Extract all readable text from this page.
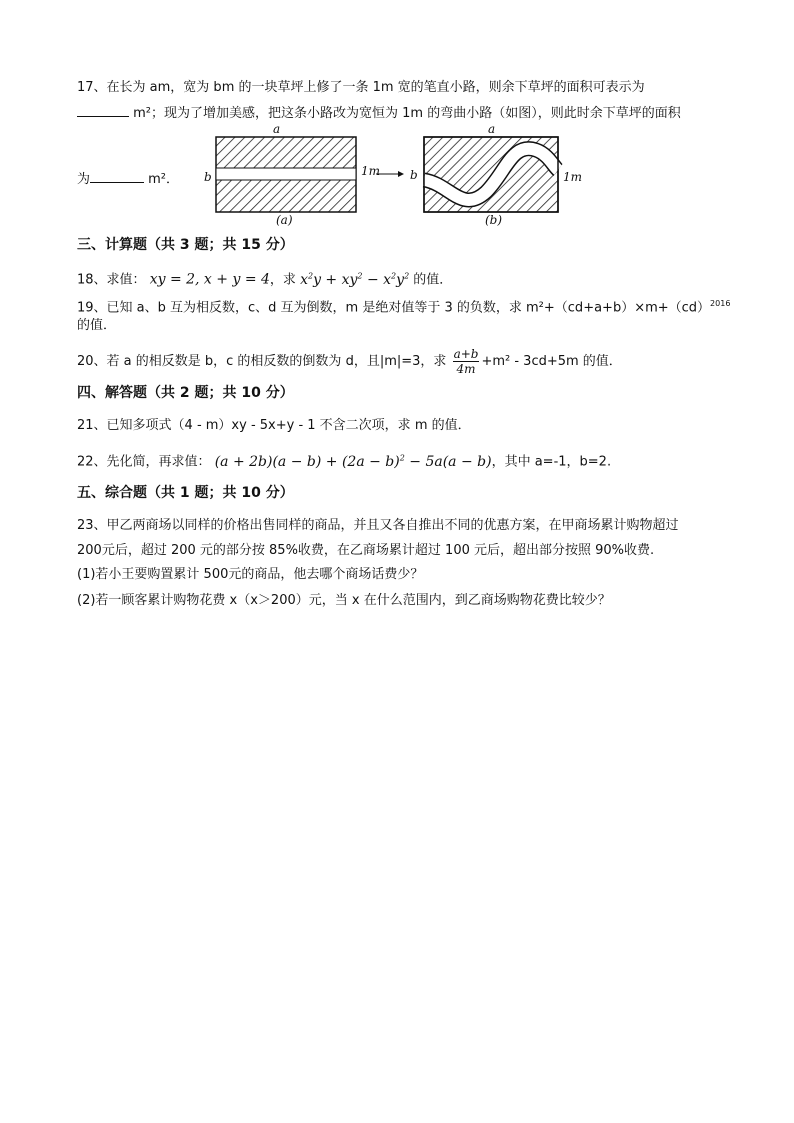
17、在长为 am，宽为 bm 的一块草坪上修了一条 1m 宽的笔直小路，则余下草坪的面积可表示为
m²；现为了增加美感，把这条小路改为宽恒为 1m 的弯曲小路（如图），则此时余下草坪的面积
为	m²．
a
b	1m
(a)
a
b	1m
(b)
三、计算题（共 3 题；共 15 分）
18、求值： xy = 2, x + y = 4，求 $x^2y + xy^2 - x^2y^2$ 的值．
19、已知 a、b 互为相反数，c、d 互为倒数，m 是绝对值等于 3 的负数，求 m²+（cd+a+b）×m+（cd）$^{2016}$
的值．
20、若 a 的相反数是 b，c 的相反数的倒数为 d，且|m|=3，求 $\frac{a+b}{4m} +m^2 - 3cd+5m$ 的值．
四、解答题（共 2 题；共 10 分）
21、已知多项式（4 - m）xy - 5x+y - 1 不含二次项，求 m 的值．
22、先化简，再求值： $(a + 2b)(a - b) + (2a - b)^2 - 5a(a - b)$，其中 a=-1，b=2.
五、综合题（共 1 题；共 10 分）
23、甲乙两商场以同样的价格出售同样的商品，并且又各自推出不同的优惠方案，在甲商场累计购物超过
200元后，超过 200 元的部分按 85%收费，在乙商场累计超过 100 元后，超出部分按照 90%收费.
(1)若小王要购置累计 500元的商品，他去哪个商场话费少？
(2)若一顾客累计购物花费 x（x＞200）元，当 x 在什么范围内，到乙商场购物花费比较少？
